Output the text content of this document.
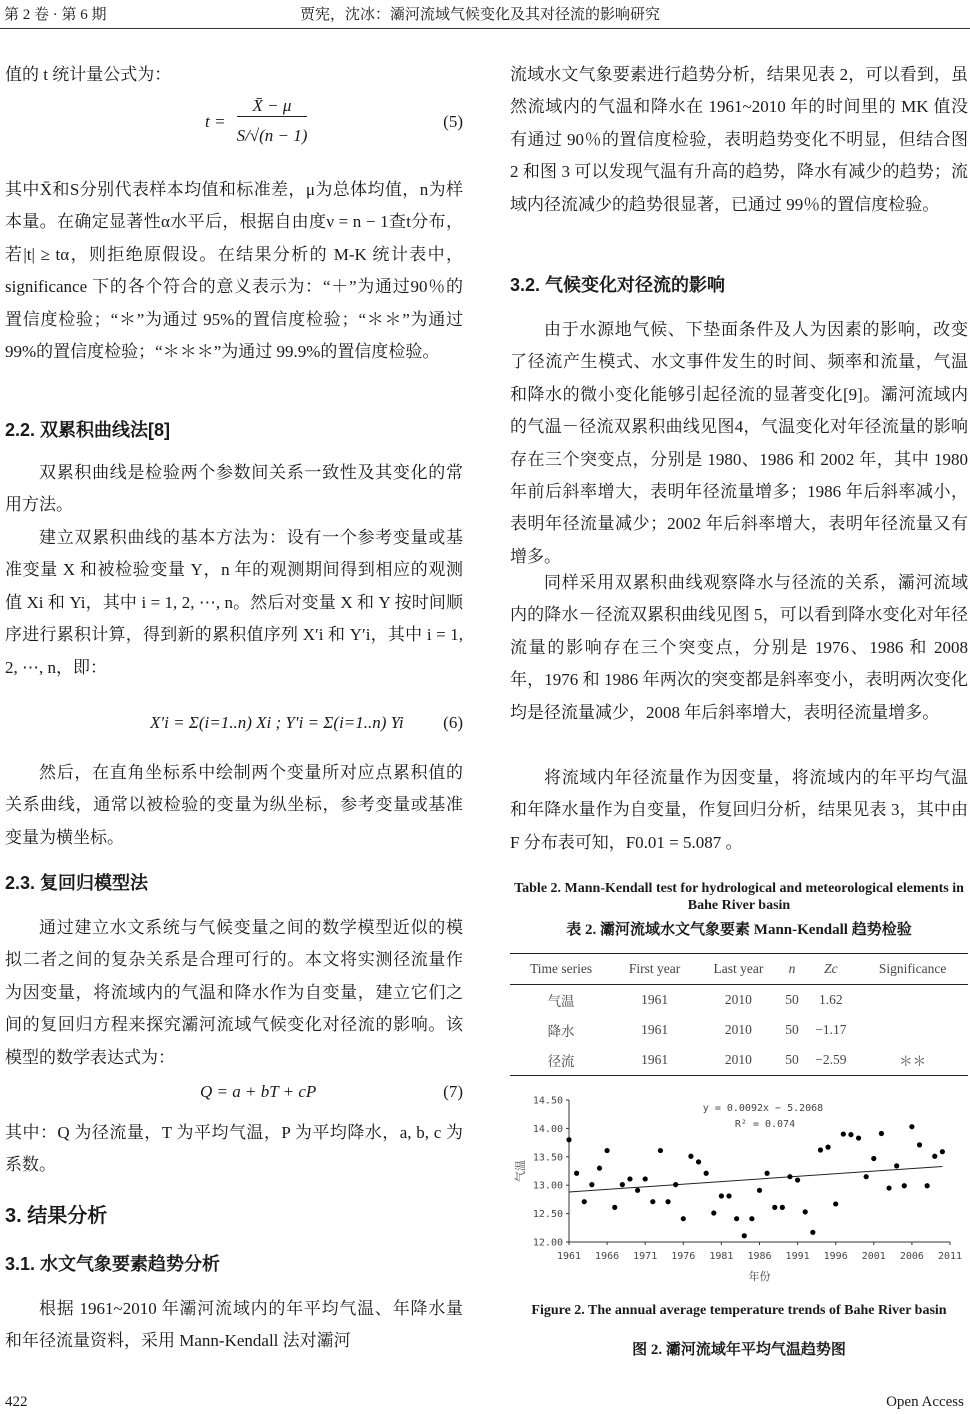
第 2 卷 · 第 6 期	贾宪，沈冰：灞河流域气候变化及其对径流的影响研究
值的 t 统计量公式为：
t =
X̄ − μ
S/√(n − 1)
(5)
其中X̄和S分别代表样本均值和标准差，μ为总体均值，n为样本量。在确定显著性α水平后，根据自由度ν = n − 1查t分布，若|t| ≥ tα，则拒绝原假设。在结果分析的 M-K 统计表中，significance 下的各个符合的意义表示为：“＋”为通过90％的置信度检验；“＊”为通过 95%的置信度检验；“＊＊”为通过 99%的置信度检验；“＊＊＊”为通过 99.9%的置信度检验。
2.2. 双累积曲线法[8]
双累积曲线是检验两个参数间关系一致性及其变化的常用方法。
建立双累积曲线的基本方法为：设有一个参考变量或基准变量 X 和被检验变量 Y，n 年的观测期间得到相应的观测值 Xi 和 Yi，其中 i = 1, 2, ⋯, n。然后对变量 X 和 Y 按时间顺序进行累积计算，得到新的累积值序列 X′i 和 Y′i，其中 i = 1, 2, ⋯, n，即：
X′i = Σ(i=1..n) Xi ; Y′i = Σ(i=1..n) Yi (6)
然后，在直角坐标系中绘制两个变量所对应点累积值的关系曲线，通常以被检验的变量为纵坐标，参考变量或基准变量为横坐标。
2.3. 复回归模型法
通过建立水文系统与气候变量之间的数学模型近似的模拟二者之间的复杂关系是合理可行的。本文将实测径流量作为因变量，将流域内的气温和降水作为自变量，建立它们之间的复回归方程来探究灞河流域气候变化对径流的影响。该模型的数学表达式为：
Q = a + bT + cP	(7)
其中：Q 为径流量，T 为平均气温，P 为平均降水，a, b, c 为系数。
3. 结果分析
3.1. 水文气象要素趋势分析
根据 1961~2010 年灞河流域内的年平均气温、年降水量和年径流量资料，采用 Mann-Kendall 法对灞河
流域水文气象要素进行趋势分析，结果见表 2，可以看到，虽然流域内的气温和降水在 1961~2010 年的时间里的 MK 值没有通过 90％的置信度检验，表明趋势变化不明显，但结合图 2 和图 3 可以发现气温有升高的趋势，降水有减少的趋势；流域内径流减少的趋势很显著，已通过 99％的置信度检验。
3.2. 气候变化对径流的影响
由于水源地气候、下垫面条件及人为因素的影响，改变了径流产生模式、水文事件发生的时间、频率和流量，气温和降水的微小变化能够引起径流的显著变化[9]。灞河流域内的气温－径流双累积曲线见图4，气温变化对年径流量的影响存在三个突变点，分别是 1980、1986 和 2002 年，其中 1980 年前后斜率增大，表明年径流量增多；1986 年后斜率减小，表明年径流量减少；2002 年后斜率增大，表明年径流量又有增多。
同样采用双累积曲线观察降水与径流的关系，灞河流域内的降水－径流双累积曲线见图 5，可以看到降水变化对年径流量的影响存在三个突变点，分别是 1976、1986 和 2008 年，1976 和 1986 年两次的突变都是斜率变小，表明两次变化均是径流量减少，2008 年后斜率增大，表明径流量增多。
将流域内年径流量作为因变量，将流域内的年平均气温和年降水量作为自变量，作复回归分析，结果见表 3，其中由 F 分布表可知，F0.01 = 5.087 。
Table 2. Mann-Kendall test for hydrological and meteorological elements in Bahe River basin
表 2. 灞河流域水文气象要素 Mann-Kendall 趋势检验
Time series	First year	Last year	n	Zc	Significance
气温	1961	2010	50	1.62	
降水	1961	2010	50	−1.17	
径流	1961	2010	50	−2.59	＊＊
12.00
12.50
13.00
13.50
14.00
14.50
1961 1966 1971 1976 1981 1986 1991 1996 2001 2006 2011
年份
气温
y = 0.0092x − 5.2068
R² = 0.074
Figure 2. The annual average temperature trends of Bahe River basin
图 2. 灞河流域年平均气温趋势图
422	Open Access
